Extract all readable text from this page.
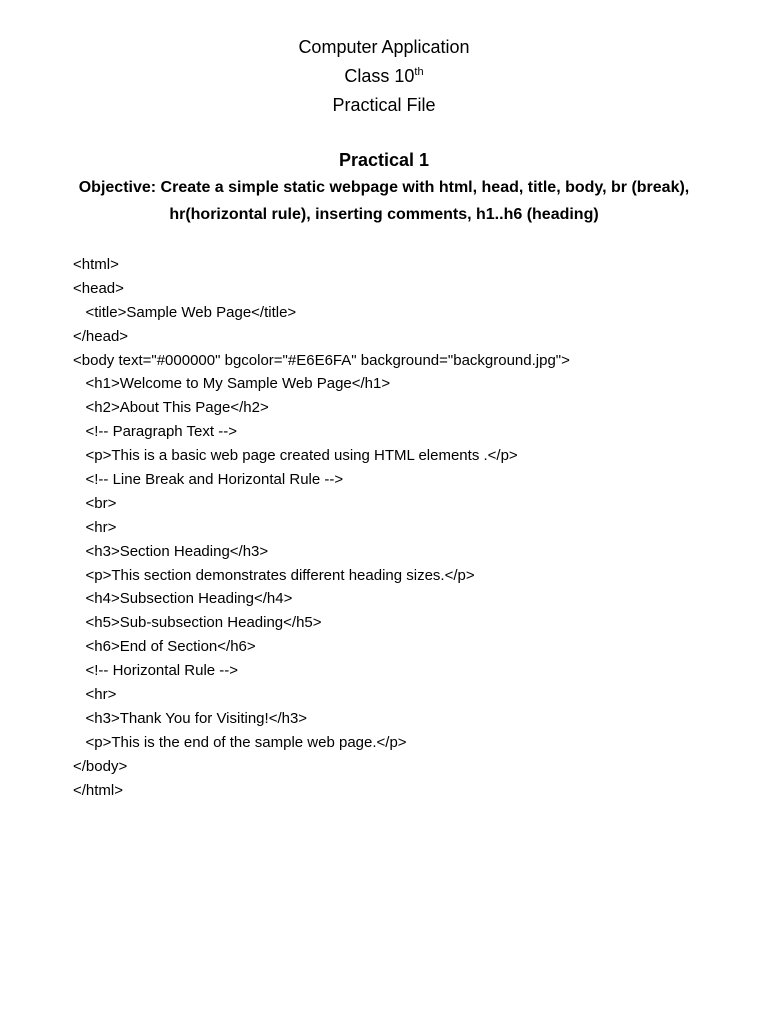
Computer Application
Class 10th
Practical File
Practical 1
Objective: Create a simple static webpage with html, head, title, body, br (break), hr(horizontal rule), inserting comments, h1..h6 (heading)
<html>
<head>
<title>Sample Web Page</title>
</head>
<body text="#000000" bgcolor="#E6E6FA" background="background.jpg">
<h1>Welcome to My Sample Web Page</h1>
<h2>About This Page</h2>
<!-- Paragraph Text -->
<p>This is a basic web page created using HTML elements .</p>
<!-- Line Break and Horizontal Rule -->
<br>
<hr>
<h3>Section Heading</h3>
<p>This section demonstrates different heading sizes.</p>
<h4>Subsection Heading</h4>
<h5>Sub-subsection Heading</h5>
<h6>End of Section</h6>
<!-- Horizontal Rule -->
<hr>
<h3>Thank You for Visiting!</h3>
<p>This is the end of the sample web page.</p>
</body>
</html>
